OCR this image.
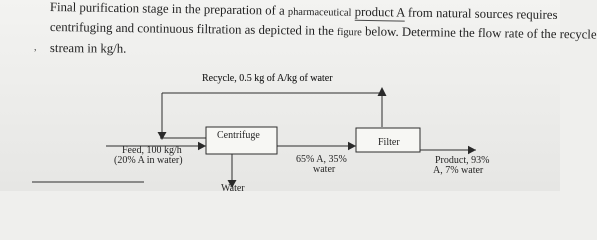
,
Final purification stage in the preparation of a pharmaceutical product A from natural sources requires
centrifuging and continuous filtration as depicted in the figure below. Determine the flow rate of the recycle
stream in kg/h.
Recycle, 0.5 kg of A/kg of water
Centrifuge
Filter
Feed, 100 kg/h
(20% A in water)	65% A, 35%
water
Water
Product, 93%
A, 7% water
